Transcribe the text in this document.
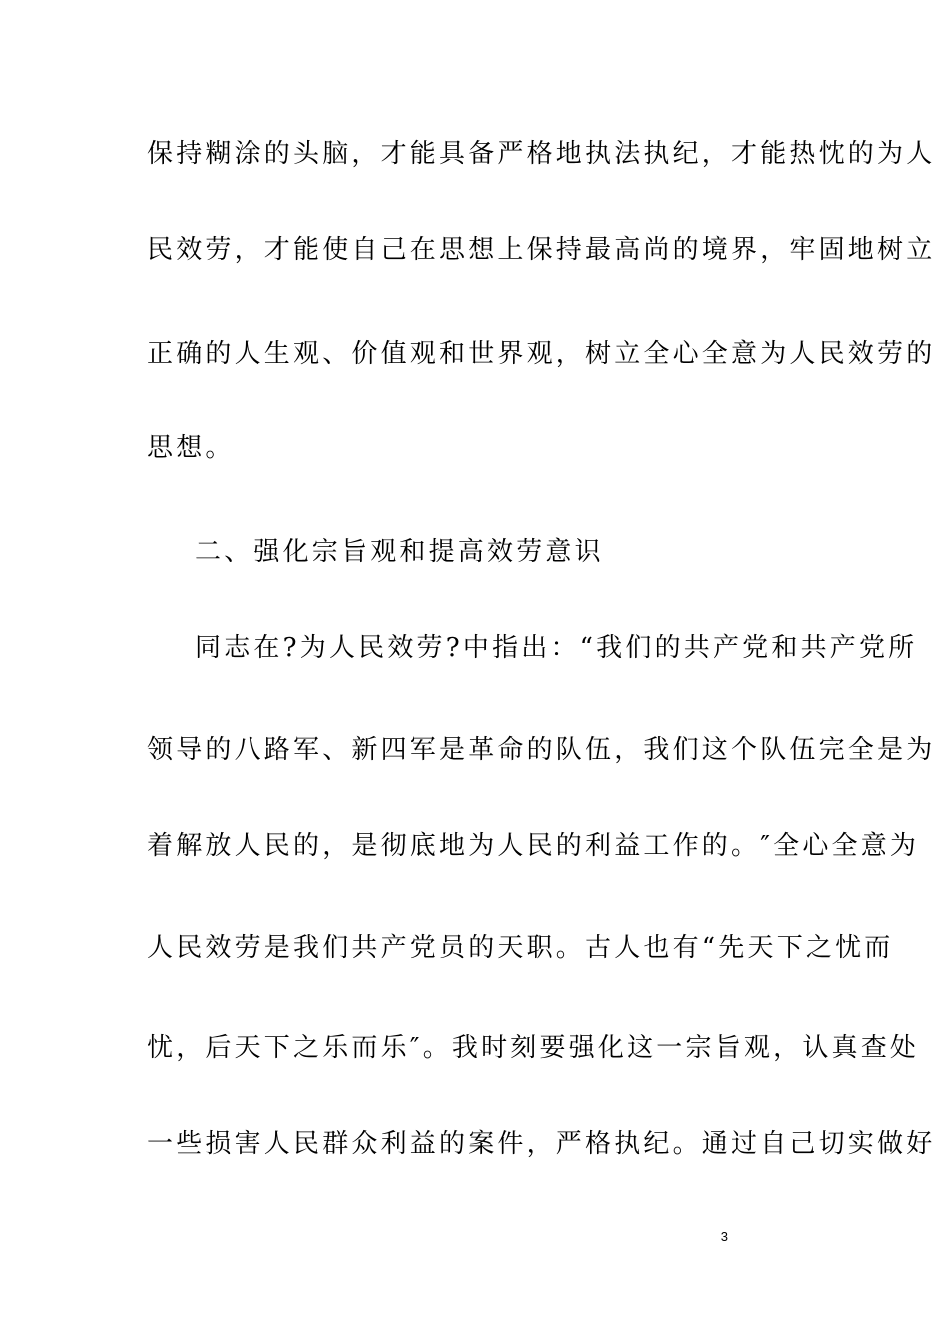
保持糊涂的头脑，才能具备严格地执法执纪，才能热忱的为人
民效劳，才能使自己在思想上保持最高尚的境界，牢固地树立
正确的人生观、价值观和世界观，树立全心全意为人民效劳的
思想。
二、强化宗旨观和提高效劳意识
同志在?为人民效劳?中指出：“我们的共产党和共产党所
领导的八路军、新四军是革命的队伍，我们这个队伍完全是为
着解放人民的，是彻底地为人民的利益工作的。″全心全意为
人民效劳是我们共产党员的天职。古人也有“先天下之忧而
忧，后天下之乐而乐″。我时刻要强化这一宗旨观，认真查处
一些损害人民群众利益的案件，严格执纪。通过自己切实做好
3
